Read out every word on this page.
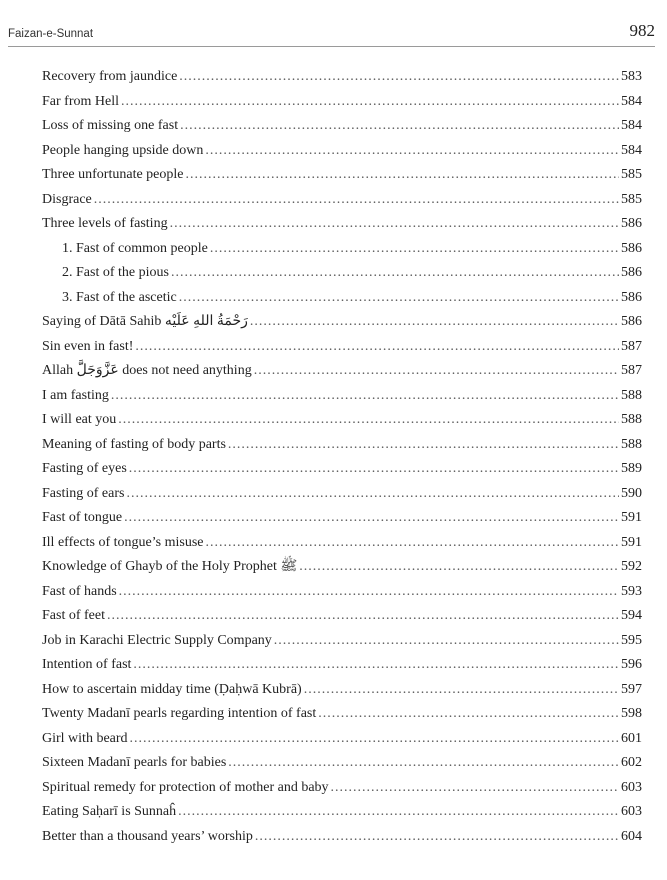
Faizan-e-Sunnat	982
Recovery from jaundice .....	583
Far from Hell .....	584
Loss of missing one fast .....	584
People hanging upside down .....	584
Three unfortunate people .....	585
Disgrace .....	585
Three levels of fasting .....	586
1. Fast of common people .....	586
2. Fast of the pious .....	586
3. Fast of the ascetic .....	586
Saying of Dātā Sahib رَحْمَةُ اللهِ عَلَيْه .....	586
Sin even in fast! .....	587
Allah عَزَّوَجَلَّ does not need anything .....	587
I am fasting .....	588
I will eat you .....	588
Meaning of fasting of body parts .....	588
Fasting of eyes .....	589
Fasting of ears .....	590
Fast of tongue .....	591
Ill effects of tongue’s misuse .....	591
Knowledge of Ghayb of the Holy Prophet ﷺ .....	592
Fast of hands .....	593
Fast of feet .....	594
Job in Karachi Electric Supply Company .....	595
Intention of fast .....	596
How to ascertain midday time (Ḍaḥwā Kubrā) .....	597
Twenty Madanī pearls regarding intention of fast .....	598
Girl with beard .....	601
Sixteen Madanī pearls for babies .....	602
Spiritual remedy for protection of mother and baby .....	603
Eating Saḥarī is Sunnaĥ .....	603
Better than a thousand years’ worship .....	604
